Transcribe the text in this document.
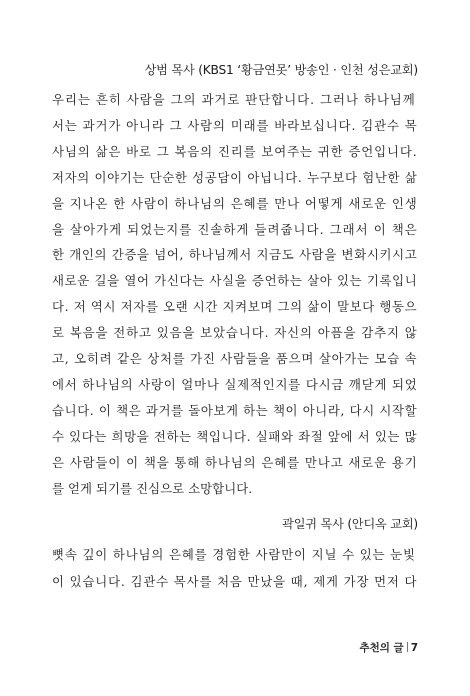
상범 목사 (KBS1 ‘황금연못’ 방송인 · 인천 성은교회)
우리는 흔히 사람을 그의 과거로 판단합니다. 그러나 하나님께
서는 과거가 아니라 그 사람의 미래를 바라보십니다. 김관수 목
사님의 삶은 바로 그 복음의 진리를 보여주는 귀한 증언입니다.
저자의 이야기는 단순한 성공담이 아닙니다. 누구보다 험난한 삶
을 지나온 한 사람이 하나님의 은혜를 만나 어떻게 새로운 인생
을 살아가게 되었는지를 진솔하게 들려줍니다. 그래서 이 책은
한 개인의 간증을 넘어, 하나님께서 지금도 사람을 변화시키시고
새로운 길을 열어 가신다는 사실을 증언하는 살아 있는 기록입니
다. 저 역시 저자를 오랜 시간 지켜보며 그의 삶이 말보다 행동으
로 복음을 전하고 있음을 보았습니다. 자신의 아픔을 감추지 않
고, 오히려 같은 상처를 가진 사람들을 품으며 살아가는 모습 속
에서 하나님의 사랑이 얼마나 실제적인지를 다시금 깨닫게 되었
습니다. 이 책은 과거를 돌아보게 하는 책이 아니라, 다시 시작할
수 있다는 희망을 전하는 책입니다. 실패와 좌절 앞에 서 있는 많
은 사람들이 이 책을 통해 하나님의 은혜를 만나고 새로운 용기
를 얻게 되기를 진심으로 소망합니다.
곽일귀 목사 (안디옥 교회)
뼛속 깊이 하나님의 은혜를 경험한 사람만이 지닐 수 있는 눈빛
이 있습니다. 김관수 목사를 처음 만났을 때, 제게 가장 먼저 다
추천의 글 7
